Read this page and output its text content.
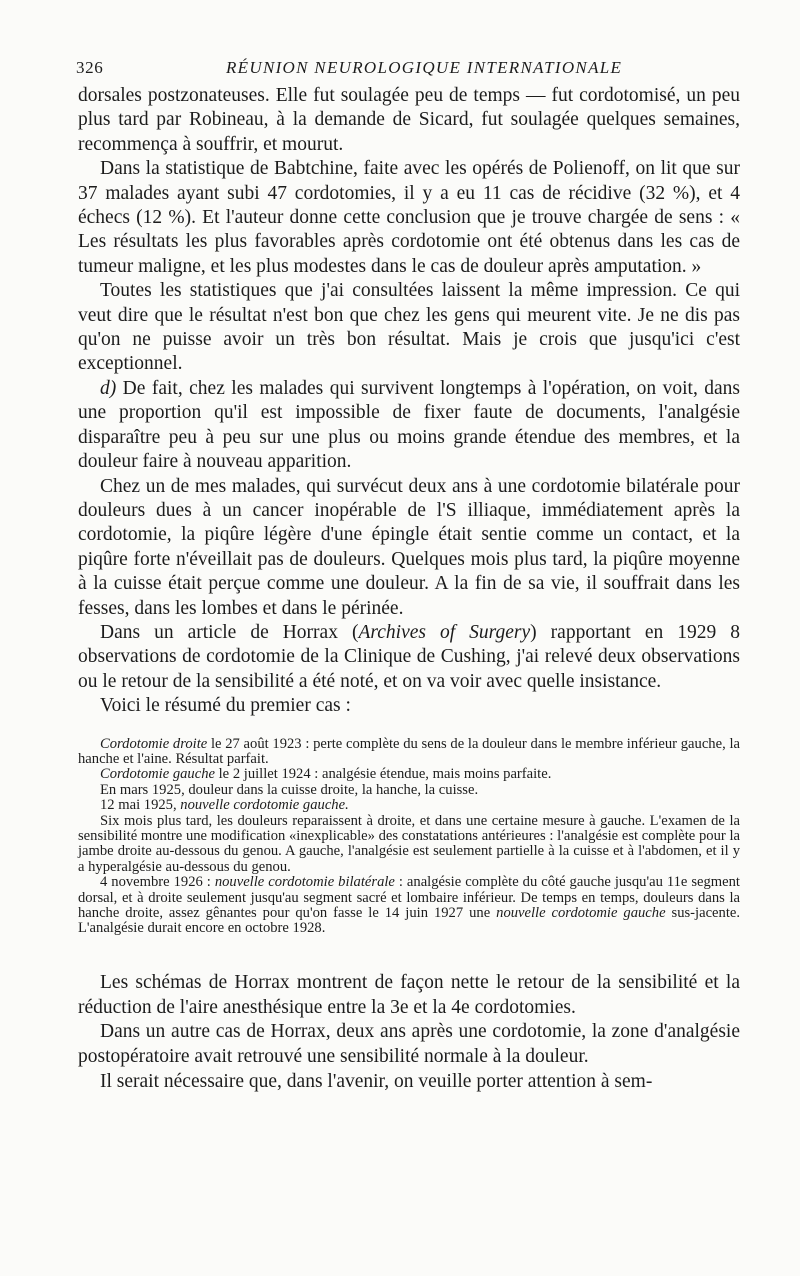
326	RÉUNION NEUROLOGIQUE INTERNATIONALE

dorsales postzonateuses. Elle fut soulagée peu de temps — fut cordotomisé, un peu plus tard par Robineau, à la demande de Sicard, fut soulagée quelques semaines, recommença à souffrir, et mourut.

Dans la statistique de Babtchine, faite avec les opérés de Polienoff, on lit que sur 37 malades ayant subi 47 cordotomies, il y a eu 11 cas de récidive (32 %), et 4 échecs (12 %). Et l'auteur donne cette conclusion que je trouve chargée de sens : « Les résultats les plus favorables après cordotomie ont été obtenus dans les cas de tumeur maligne, et les plus modestes dans le cas de douleur après amputation. »

Toutes les statistiques que j'ai consultées laissent la même impression. Ce qui veut dire que le résultat n'est bon que chez les gens qui meurent vite. Je ne dis pas qu'on ne puisse avoir un très bon résultat. Mais je crois que jusqu'ici c'est exceptionnel.

d) De fait, chez les malades qui survivent longtemps à l'opération, on voit, dans une proportion qu'il est impossible de fixer faute de documents, l'analgésie disparaître peu à peu sur une plus ou moins grande étendue des membres, et la douleur faire à nouveau apparition.

Chez un de mes malades, qui survécut deux ans à une cordotomie bilatérale pour douleurs dues à un cancer inopérable de l'S illiaque, immédiatement après la cordotomie, la piqûre légère d'une épingle était sentie comme un contact, et la piqûre forte n'éveillait pas de douleurs. Quelques mois plus tard, la piqûre moyenne à la cuisse était perçue comme une douleur. A la fin de sa vie, il souffrait dans les fesses, dans les lombes et dans le périnée.

Dans un article de Horrax (Archives of Surgery) rapportant en 1929 8 observations de cordotomie de la Clinique de Cushing, j'ai relevé deux observations ou le retour de la sensibilité a été noté, et on va voir avec quelle insistance.

Voici le résumé du premier cas :

Cordotomie droite le 27 août 1923 : perte complète du sens de la douleur dans le membre inférieur gauche, la hanche et l'aine. Résultat parfait.

Cordotomie gauche le 2 juillet 1924 : analgésie étendue, mais moins parfaite.

En mars 1925, douleur dans la cuisse droite, la hanche, la cuisse.

12 mai 1925, nouvelle cordotomie gauche.

Six mois plus tard, les douleurs reparaissent à droite, et dans une certaine mesure à gauche. L'examen de la sensibilité montre une modification «inexplicable» des constatations antérieures : l'analgésie est complète pour la jambe droite au-dessous du genou. A gauche, l'analgésie est seulement partielle à la cuisse et à l'abdomen, et il y a hyperalgésie au-dessous du genou.

4 novembre 1926 : nouvelle cordotomie bilatérale : analgésie complète du côté gauche jusqu'au 11e segment dorsal, et à droite seulement jusqu'au segment sacré et lombaire inférieur. De temps en temps, douleurs dans la hanche droite, assez gênantes pour qu'on fasse le 14 juin 1927 une nouvelle cordotomie gauche sus-jacente. L'analgésie durait encore en octobre 1928.

Les schémas de Horrax montrent de façon nette le retour de la sensibilité et la réduction de l'aire anesthésique entre la 3e et la 4e cordotomies.

Dans un autre cas de Horrax, deux ans après une cordotomie, la zone d'analgésie postopératoire avait retrouvé une sensibilité normale à la douleur.

Il serait nécessaire que, dans l'avenir, on veuille porter attention à sem-
